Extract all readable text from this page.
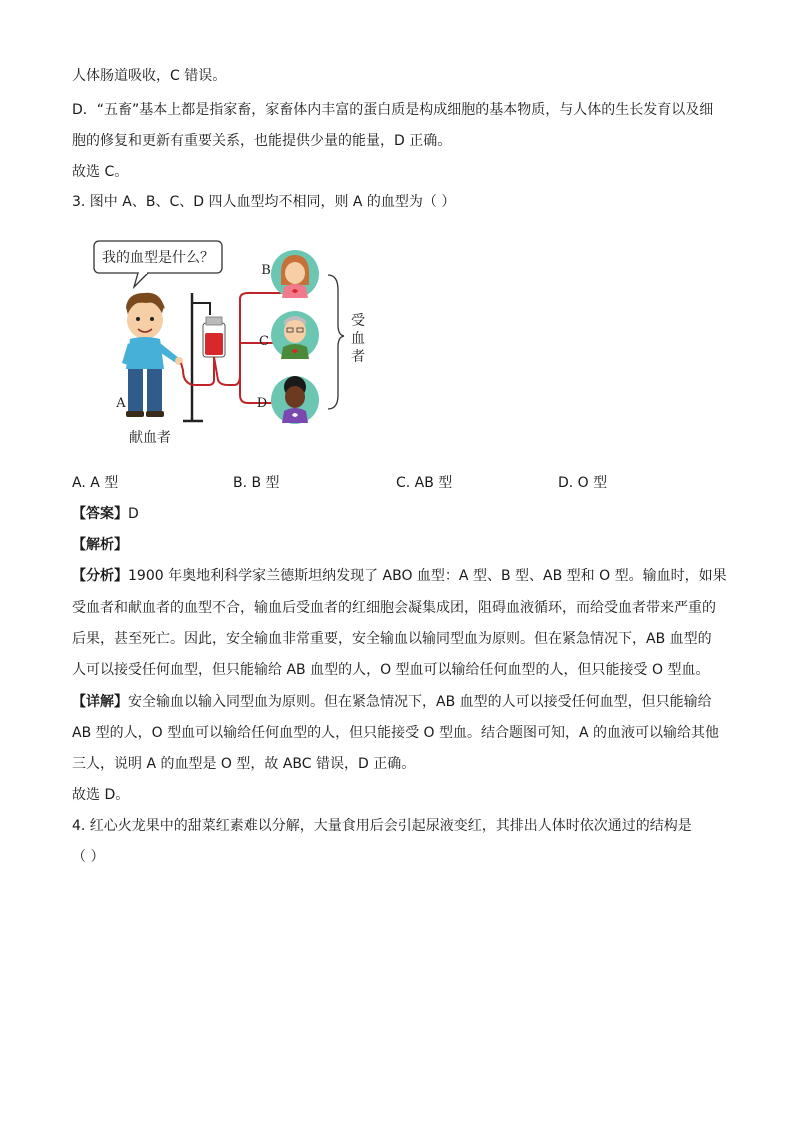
人体肠道吸收，C 错误。
D．“五畜”基本上都是指家畜，家畜体内丰富的蛋白质是构成细胞的基本物质，与人体的生长发育以及细
胞的修复和更新有重要关系，也能提供少量的能量，D 正确。
故选 C。
3. 图中 A、B、C、D 四人血型均不相同，则 A 的血型为（ ）
我的血型是什么？
A
献血者
B
C
D
受
血
者
A. A 型	B. B 型	C. AB 型	D. O 型
【答案】D
【解析】
【分析】1900 年奥地利科学家兰德斯坦纳发现了 ABO 血型：A 型、B 型、AB 型和 O 型。输血时，如果
受血者和献血者的血型不合，输血后受血者的红细胞会凝集成团，阻碍血液循环，而给受血者带来严重的
后果，甚至死亡。因此，安全输血非常重要，安全输血以输同型血为原则。但在紧急情况下，AB 血型的
人可以接受任何血型，但只能输给 AB 血型的人，O 型血可以输给任何血型的人，但只能接受 O 型血。
【详解】安全输血以输入同型血为原则。但在紧急情况下，AB 血型的人可以接受任何血型，但只能输给
AB 型的人，O 型血可以输给任何血型的人，但只能接受 O 型血。结合题图可知，A 的血液可以输给其他
三人，说明 A 的血型是 O 型，故 ABC 错误，D 正确。
故选 D。
4. 红心火龙果中的甜菜红素难以分解，大量食用后会引起尿液变红，其排出人体时依次通过的结构是
（ ）
